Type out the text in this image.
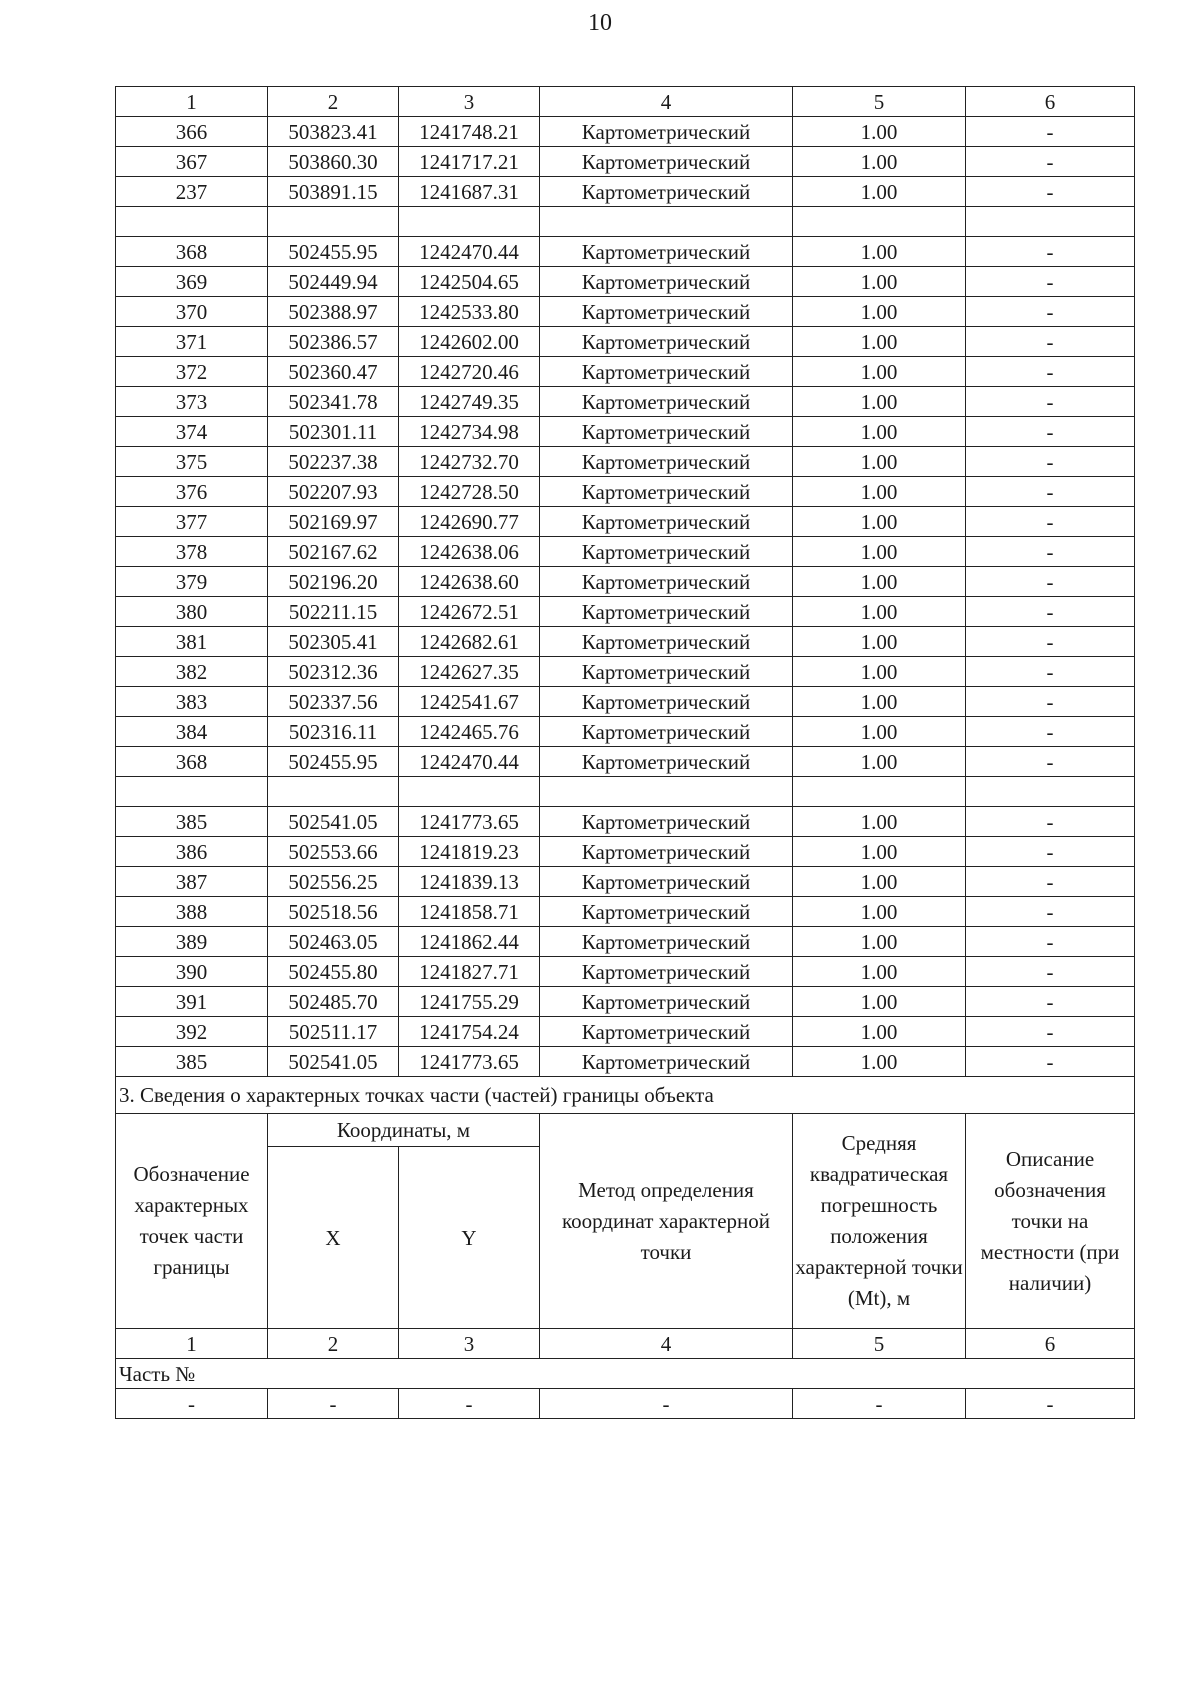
10
1	2	3	4	5	6
366	503823.41	1241748.21	Картометрический	1.00	-
367	503860.30	1241717.21	Картометрический	1.00	-
237	503891.15	1241687.31	Картометрический	1.00	-

368	502455.95	1242470.44	Картометрический	1.00	-
369	502449.94	1242504.65	Картометрический	1.00	-
370	502388.97	1242533.80	Картометрический	1.00	-
371	502386.57	1242602.00	Картометрический	1.00	-
372	502360.47	1242720.46	Картометрический	1.00	-
373	502341.78	1242749.35	Картометрический	1.00	-
374	502301.11	1242734.98	Картометрический	1.00	-
375	502237.38	1242732.70	Картометрический	1.00	-
376	502207.93	1242728.50	Картометрический	1.00	-
377	502169.97	1242690.77	Картометрический	1.00	-
378	502167.62	1242638.06	Картометрический	1.00	-
379	502196.20	1242638.60	Картометрический	1.00	-
380	502211.15	1242672.51	Картометрический	1.00	-
381	502305.41	1242682.61	Картометрический	1.00	-
382	502312.36	1242627.35	Картометрический	1.00	-
383	502337.56	1242541.67	Картометрический	1.00	-
384	502316.11	1242465.76	Картометрический	1.00	-
368	502455.95	1242470.44	Картометрический	1.00	-

385	502541.05	1241773.65	Картометрический	1.00	-
386	502553.66	1241819.23	Картометрический	1.00	-
387	502556.25	1241839.13	Картометрический	1.00	-
388	502518.56	1241858.71	Картометрический	1.00	-
389	502463.05	1241862.44	Картометрический	1.00	-
390	502455.80	1241827.71	Картометрический	1.00	-
391	502485.70	1241755.29	Картометрический	1.00	-
392	502511.17	1241754.24	Картометрический	1.00	-
385	502541.05	1241773.65	Картометрический	1.00	-
3. Сведения о характерных точках части (частей) границы объекта					
Обозначение характерных точек части границы	Координаты, м		Метод определения координат характерной точки	Средняя квадратическая погрешность положения характерной точки (Mt), м	Описание обозначения точки на местности (при наличии)
	X	Y			
1	2	3	4	5	6
Часть №					
-	-	-	-	-	-
